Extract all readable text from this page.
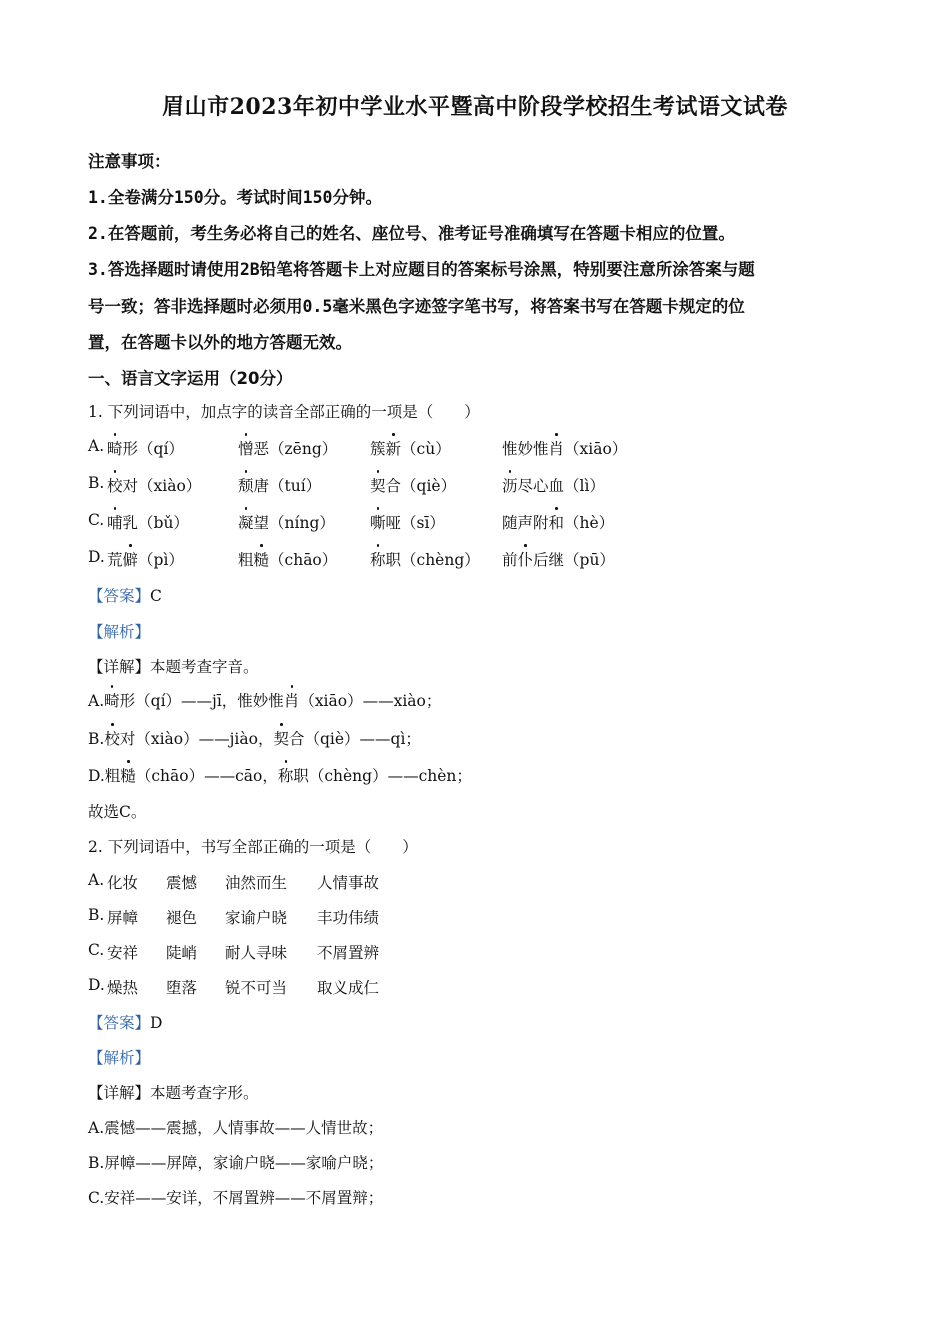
眉山市2023年初中学业水平暨高中阶段学校招生考试语文试卷
注意事项：
1.全卷满分150分。考试时间150分钟。
2.在答题前，考生务必将自己的姓名、座位号、准考证号准确填写在答题卡相应的位置。
3.答选择题时请使用2B铅笔将答题卡上对应题目的答案标号涂黑，特别要注意所涂答案与题
号一致；答非选择题时必须用0.5毫米黑色字迹签字笔书写，将答案书写在答题卡规定的位
置，在答题卡以外的地方答题无效。
一、语言文字运用（20分）
1. 下列词语中，加点字的读音全部正确的一项是（　　）
A. 畸形（qí）	憎恶（zēng） 簇新（cù）	惟妙惟肖（xiāo）
B. 校对（xiào） 颓唐（tuí）	契合（qiè）	沥尽心血（lì）
C. 哺乳（bǔ）	凝望（níng） 嘶哑（sī）	随声附和（hè）
D. 荒僻（pì）	粗糙（chāo） 称职（chèng） 前仆后继（pū）
【答案】C
【解析】
【详解】本题考查字音。
A.畸形（qí）——jī，惟妙惟肖（xiāo）——xiào；
B.校对（xiào）——jiào，契合（qiè）——qì；
D.粗糙（chāo）——cāo，称职（chèng）——chèn；
故选C。
2. 下列词语中，书写全部正确的一项是（　　）
A. 化妆 震憾 油然而生 人情事故
B. 屏幛 褪色 家谕户晓 丰功伟绩
C. 安祥 陡峭 耐人寻味 不屑置辨
D. 燥热 堕落 锐不可当 取义成仁
【答案】D
【解析】
【详解】本题考查字形。
A.震憾——震撼，人情事故——人情世故；
B.屏幛——屏障，家谕户晓——家喻户晓；
C.安祥——安详，不屑置辨——不屑置辩；
